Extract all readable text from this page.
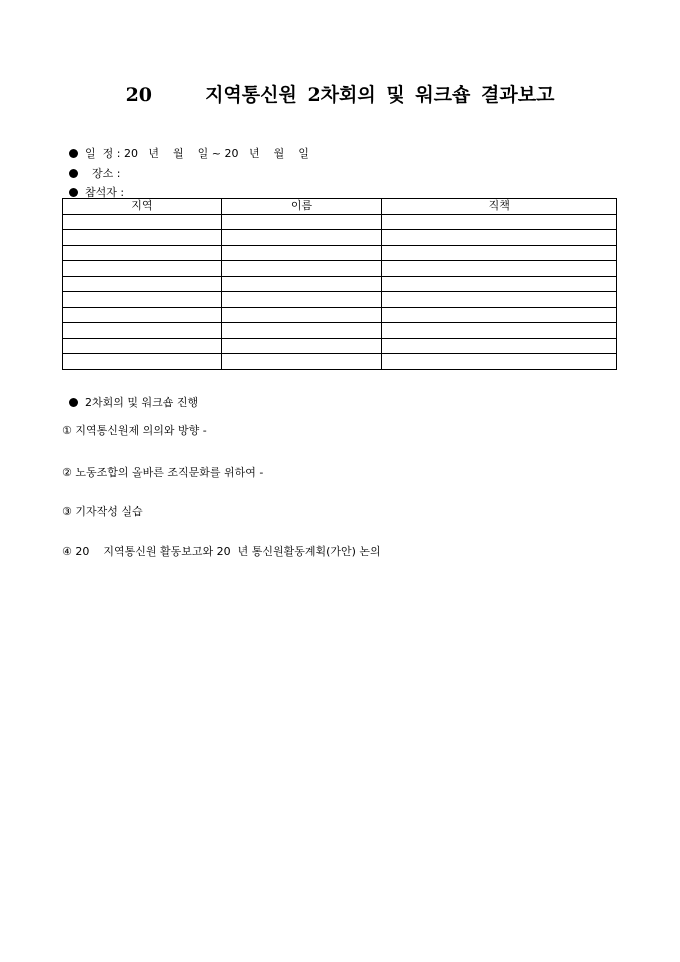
20     지역통신원 2차회의 및 워크숍 결과보고

일  정 : 20   년    월    일 ~ 20   년    월    일

장소 :

참석자 :

지역	이름	직책

2차회의 및 워크숍 진행

① 지역통신원제 의의와 방향 -
② 노동조합의 올바른 조직문화를 위하여 -
③ 기자작성 실습
④ 20    지역통신원 활동보고와 20  년 통신원활동계획(가안) 논의
